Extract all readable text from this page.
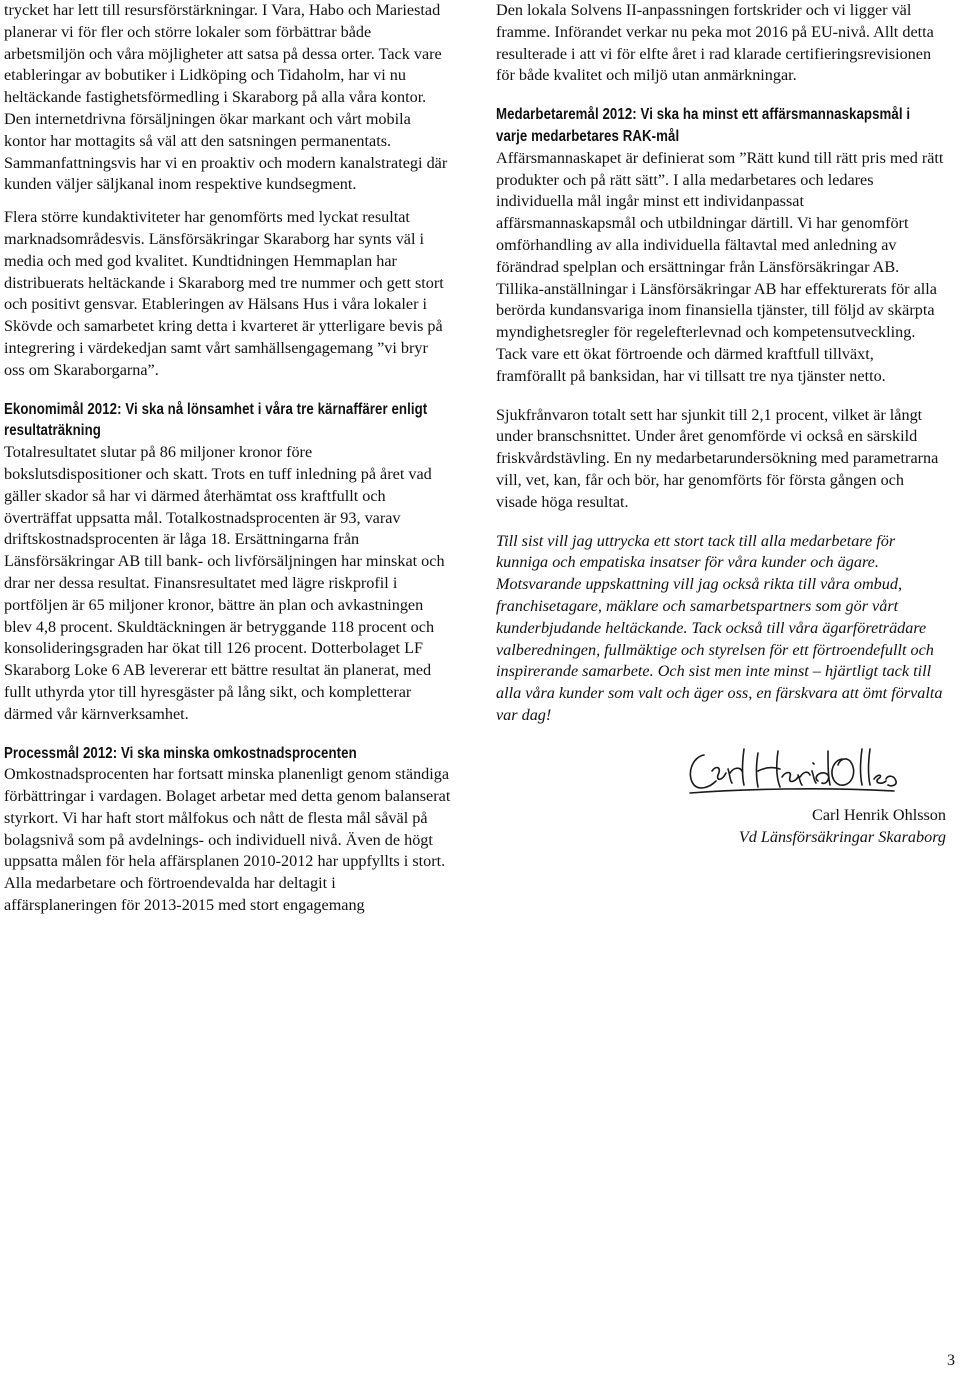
trycket har lett till resursförstärkningar. I Vara, Habo och Mariestad planerar vi för fler och större lokaler som förbättrar både arbetsmiljön och våra möjligheter att satsa på dessa orter. Tack vare etableringar av bobutiker i Lidköping och Tidaholm, har vi nu heltäckande fastighetsförmedling i Skaraborg på alla våra kontor. Den internetdrivna försäljningen ökar markant och vårt mobila kontor har mottagits så väl att den satsningen permanentats. Sammanfattningsvis har vi en proaktiv och modern kanalstrategi där kunden väljer säljkanal inom respektive kundsegment.

Flera större kundaktiviteter har genomförts med lyckat resultat marknadsområdesvis. Länsförsäkringar Skaraborg har synts väl i media och med god kvalitet. Kundtidningen Hemmaplan har distribuerats heltäckande i Skaraborg med tre nummer och gett stort och positivt gensvar. Etableringen av Hälsans Hus i våra lokaler i Skövde och samarbetet kring detta i kvarteret är ytterligare bevis på integrering i värdekedjan samt vårt samhällsengagemang ”vi bryr oss om Skaraborgarna”.

Ekonomimål 2012: Vi ska nå lönsamhet i våra tre kärnaffärer enligt resultaträkning

Totalresultatet slutar på 86 miljoner kronor före bokslutsdispositioner och skatt. Trots en tuff inledning på året vad gäller skador så har vi därmed återhämtat oss kraftfullt och överträffat uppsatta mål. Totalkostnadsprocenten är 93, varav driftskostnadsprocenten är låga 18. Ersättningarna från Länsförsäkringar AB till bank- och livförsäljningen har minskat och drar ner dessa resultat. Finansresultatet med lägre riskprofil i portföljen är 65 miljoner kronor, bättre än plan och avkastningen blev 4,8 procent. Skuldtäckningen är betryggande 118 procent och konsolideringsgraden har ökat till 126 procent. Dotterbolaget LF Skaraborg Loke 6 AB levererar ett bättre resultat än planerat, med fullt uthyrda ytor till hyresgäster på lång sikt, och kompletterar därmed vår kärnverksamhet.

Processmål 2012: Vi ska minska omkostnadsprocenten

Omkostnadsprocenten har fortsatt minska planenligt genom ständiga förbättringar i vardagen. Bolaget arbetar med detta genom balanserat styrkort. Vi har haft stort målfokus och nått de flesta mål såväl på bolagsnivå som på avdelnings- och individuell nivå. Även de högt uppsatta målen för hela affärsplanen 2010-2012 har uppfyllts i stort. Alla medarbetare och förtroendevalda har deltagit i affärsplaneringen för 2013-2015 med stort engagemang

Den lokala Solvens II-anpassningen fortskrider och vi ligger väl framme. Införandet verkar nu peka mot 2016 på EU-nivå. Allt detta resulterade i att vi för elfte året i rad klarade certifieringsrevisionen för både kvalitet och miljö utan anmärkningar.

Medarbetaremål 2012: Vi ska ha minst ett affärsmannaskapsmål i varje medarbetares RAK-mål

Affärsmannaskapet är definierat som ”Rätt kund till rätt pris med rätt produkter och på rätt sätt”. I alla medarbetares och ledares individuella mål ingår minst ett individanpassat affärsmannaskapsmål och utbildningar därtill. Vi har genomfört omförhandling av alla individuella fältavtal med anledning av förändrad spelplan och ersättningar från Länsförsäkringar AB. Tillika-anställningar i Länsförsäkringar AB har effekturerats för alla berörda kundansvariga inom finansiella tjänster, till följd av skärpta myndighetsregler för regelefterlevnad och kompetensutveckling. Tack vare ett ökat förtroende och därmed kraftfull tillväxt, framförallt på banksidan, har vi tillsatt tre nya tjänster netto.

Sjukfrånvaron totalt sett har sjunkit till 2,1 procent, vilket är långt under branschsnittet. Under året genomförde vi också en särskild friskvårdstävling. En ny medarbetarundersökning med parametrarna vill, vet, kan, får och bör, har genomförts för första gången och visade höga resultat.

Till sist vill jag uttrycka ett stort tack till alla medarbetare för kunniga och empatiska insatser för våra kunder och ägare. Motsvarande uppskattning vill jag också rikta till våra ombud, franchisetagare, mäklare och samarbetspartners som gör vårt kunderbjudande heltäckande. Tack också till våra ägarföreträdare valberedningen, fullmäktige och styrelsen för ett förtroendefullt och inspirerande samarbete. Och sist men inte minst – hjärtligt tack till alla våra kunder som valt och äger oss, en färskvara att ömt förvalta var dag!

Carl Henrik Ohlsson

Vd Länsförsäkringar Skaraborg

3
